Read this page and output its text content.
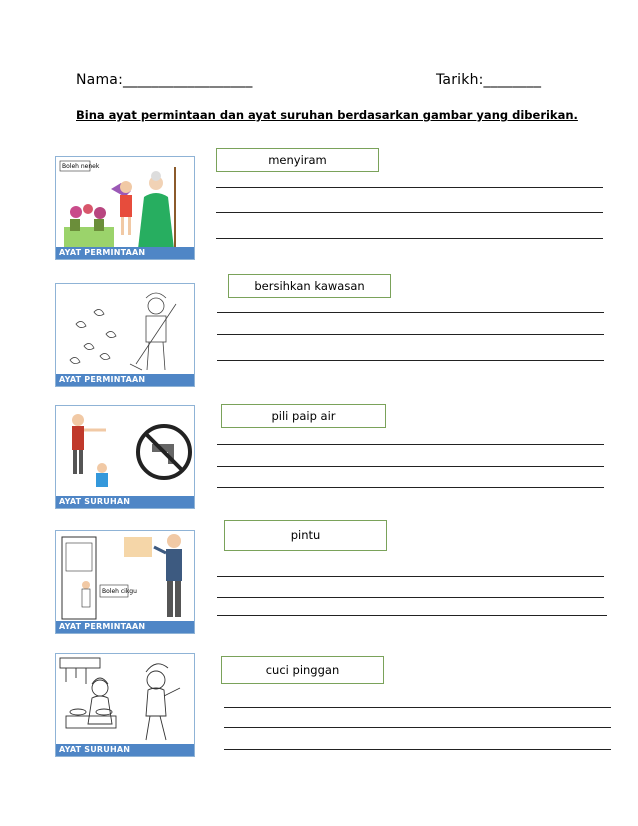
Nama:__________________	Tarikh:________
Bina ayat permintaan dan ayat suruhan berdasarkan gambar yang diberikan.
Boleh nenek
AYAT PERMINTAAN
menyiram
AYAT PERMINTAAN
bersihkan kawasan
AYAT SURUHAN
pili paip air
Boleh cikgu
AYAT PERMINTAAN
pintu
AYAT SURUHAN
cuci pinggan
